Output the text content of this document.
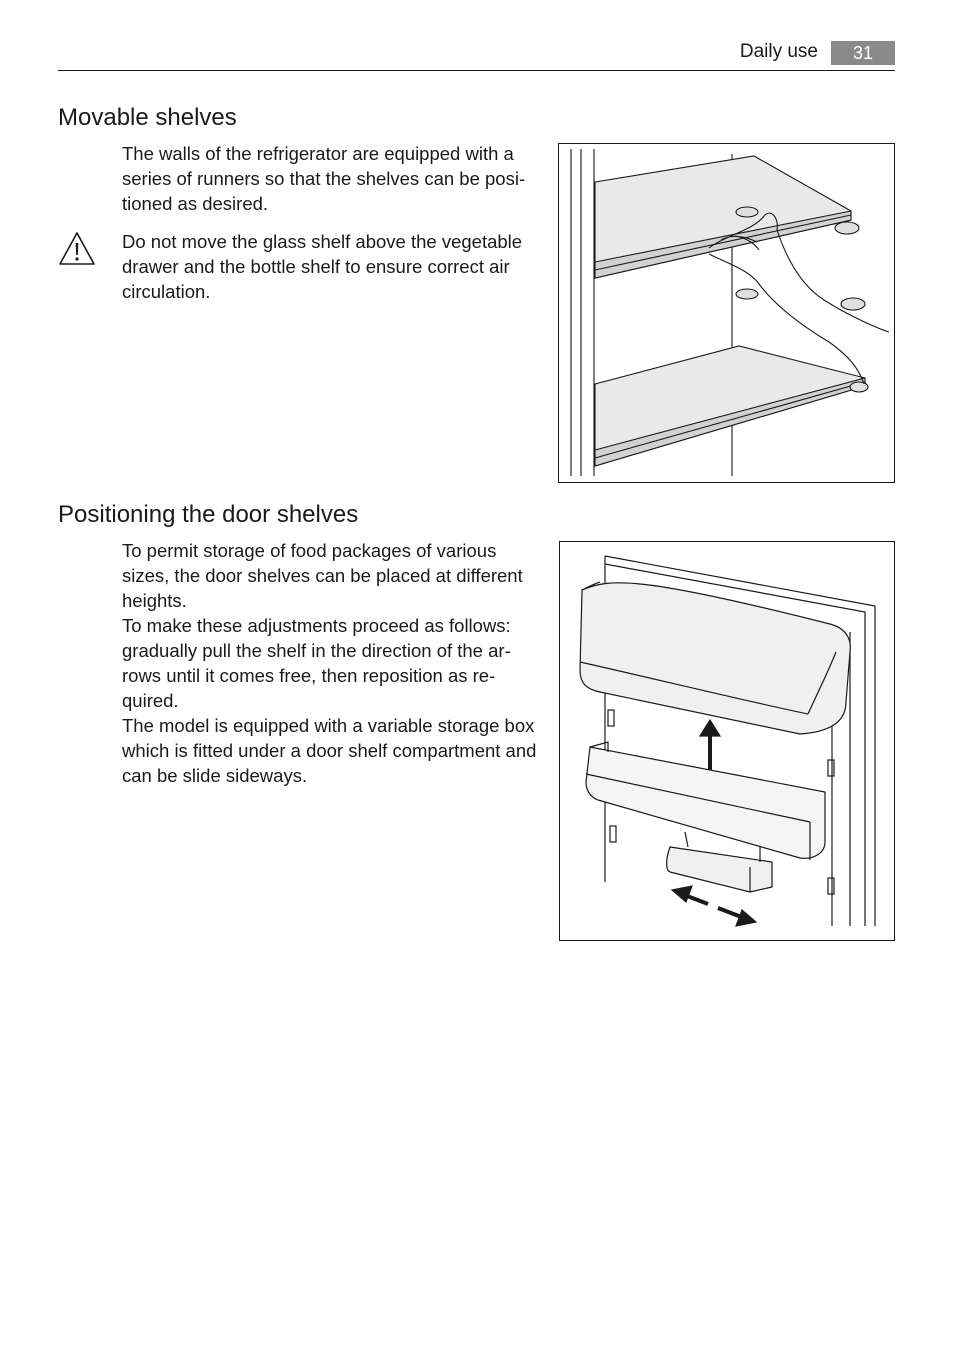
Daily use	31
Movable shelves

The walls of the refrigerator are equipped with a series of runners so that the shelves can be posi- tioned as desired.

Do not move the glass shelf above the vegetable drawer and the bottle shelf to ensure correct air circulation.

Positioning the door shelves

To permit storage of food packages of various sizes, the door shelves can be placed at different heights.

To make these adjustments proceed as follows: gradually pull the shelf in the direction of the ar- rows until it comes free, then reposition as re- quired.

The model is equipped with a variable storage box which is fitted under a door shelf compartment and can be slide sideways.
